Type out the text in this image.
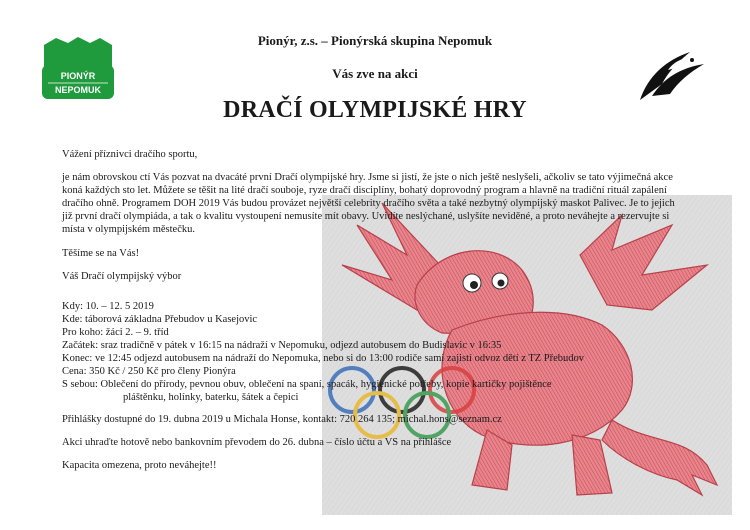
PIONÝR
NEPOMUK
Pionýr, z.s. – Pionýrská skupina Nepomuk
Vás zve na akci
DRAČÍ OLYMPIJSKÉ HRY
Vážení příznivci dračího sportu,
je nám obrovskou ctí Vás pozvat na dvacáté první Dračí olympijské hry. Jsme si jistí, že jste o nich ještě neslyšeli, ačkoliv se tato výjimečná akce koná každých sto let. Můžete se těšit na lité dračí souboje, ryze dračí disciplíny, bohatý doprovodný program a hlavně na tradiční rituál zapálení dračího ohně. Programem DOH 2019 Vás budou provázet největší celebrity dračího světa a také nezbytný olympijský maskot Palivec. Je to jejich již první dračí olympiáda, a tak o kvalitu vystoupení nemusíte mít obavy. Uvidíte neslýchané, uslyšíte neviděné, a proto neváhejte a rezervujte si místa v olympijském městečku.
Těšíme se na Vás!
Váš Dračí olympijský výbor
Kdy: 10. – 12. 5 2019
Kde: táborová základna Přebudov u Kasejovic
Pro koho: žáci 2. – 9. tříd
Začátek: sraz tradičně v pátek v 16:15 na nádraží v Nepomuku, odjezd autobusem do Budislavic v 16:35
Konec: ve 12:45 odjezd autobusem na nádraží do Nepomuka, nebo si do 13:00 rodiče sami zajistí odvoz dětí z TZ Přebudov
Cena: 350 Kč / 250 Kč pro členy Pionýra
S sebou: Oblečení do přírody, pevnou obuv, oblečení na spaní, spacák, hygienické potřeby, kopie kartičky pojištěnce
pláštěnku, holínky, baterku, šátek a čepici
Přihlášky dostupné do 19. dubna 2019 u Michala Honse, kontakt: 720 264 135; michal.hons@seznam.cz
Akci uhraďte hotově nebo bankovním převodem do 26. dubna – číslo účtu a VS na přihlášce
Kapacita omezena, proto neváhejte!!
